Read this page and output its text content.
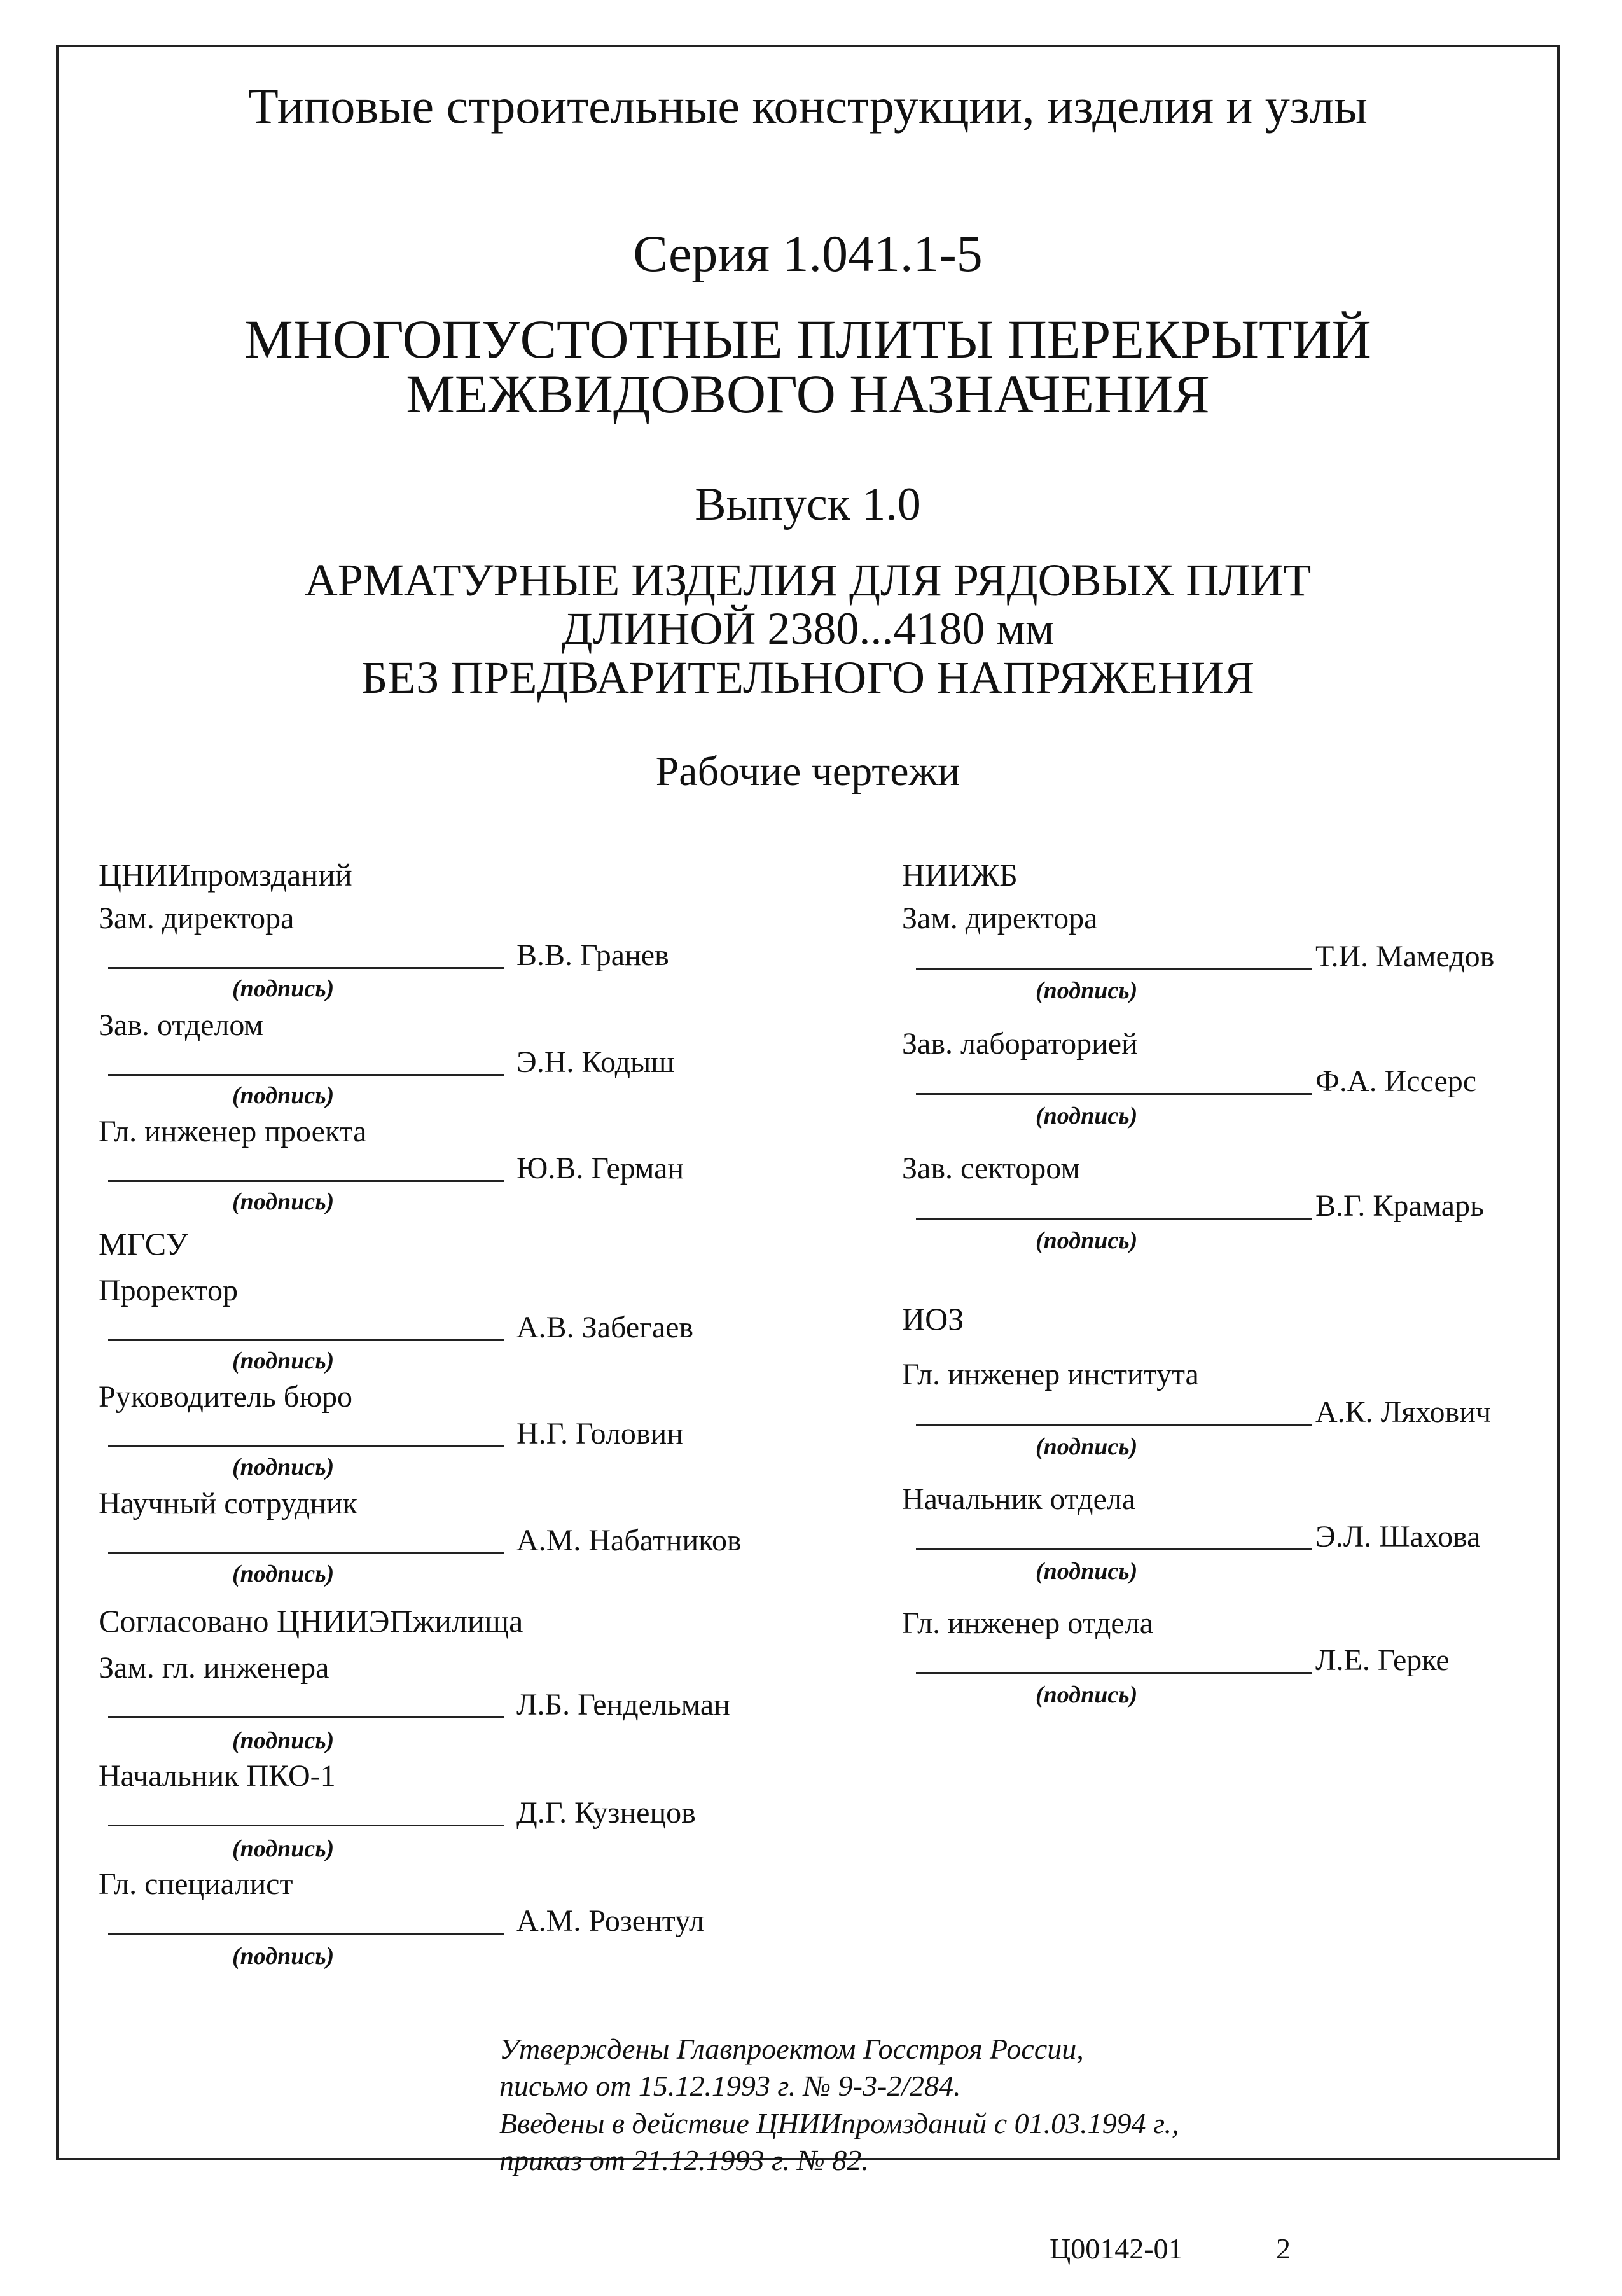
Типовые строительные конструкции, изделия и узлы
Серия 1.041.1-5
МНОГОПУСТОТНЫЕ ПЛИТЫ ПЕРЕКРЫТИЙ
МЕЖВИДОВОГО НАЗНАЧЕНИЯ
Выпуск 1.0
АРМАТУРНЫЕ ИЗДЕЛИЯ ДЛЯ РЯДОВЫХ ПЛИТ
ДЛИНОЙ 2380...4180 мм
БЕЗ ПРЕДВАРИТЕЛЬНОГО НАПРЯЖЕНИЯ
Рабочие чертежи
ЦНИИпромзданий
Зам. директора
В.В. Гранев
(подпись)
Зав. отделом
Э.Н. Кодыш
(подпись)
Гл. инженер проекта
Ю.В. Герман
(подпись)
МГСУ
Проректор
А.В. Забегаев
(подпись)
Руководитель бюро
Н.Г. Головин
(подпись)
Научный сотрудник
А.М. Набатников
(подпись)
Согласовано ЦНИИЭПжилища
Зам. гл. инженера
Л.Б. Гендельман
(подпись)
Начальник ПКО-1
Д.Г. Кузнецов
(подпись)
Гл. специалист
А.М. Розентул
(подпись)
НИИЖБ
Зам. директора
Т.И. Мамедов
(подпись)
Зав. лабораторией
Ф.А. Иссерс
(подпись)
Зав. сектором
В.Г. Крамарь
(подпись)
ИОЗ
Гл. инженер института
А.К. Ляхович
(подпись)
Начальник отдела
Э.Л. Шахова
(подпись)
Гл. инженер отдела
Л.Е. Герке
(подпись)
Утверждены Главпроектом Госстроя России,
письмо от 15.12.1993 г. № 9-3-2/284.
Введены в действие ЦНИИпромзданий с 01.03.1994 г.,
приказ от 21.12.1993 г. № 82.
Ц00142-01	2
